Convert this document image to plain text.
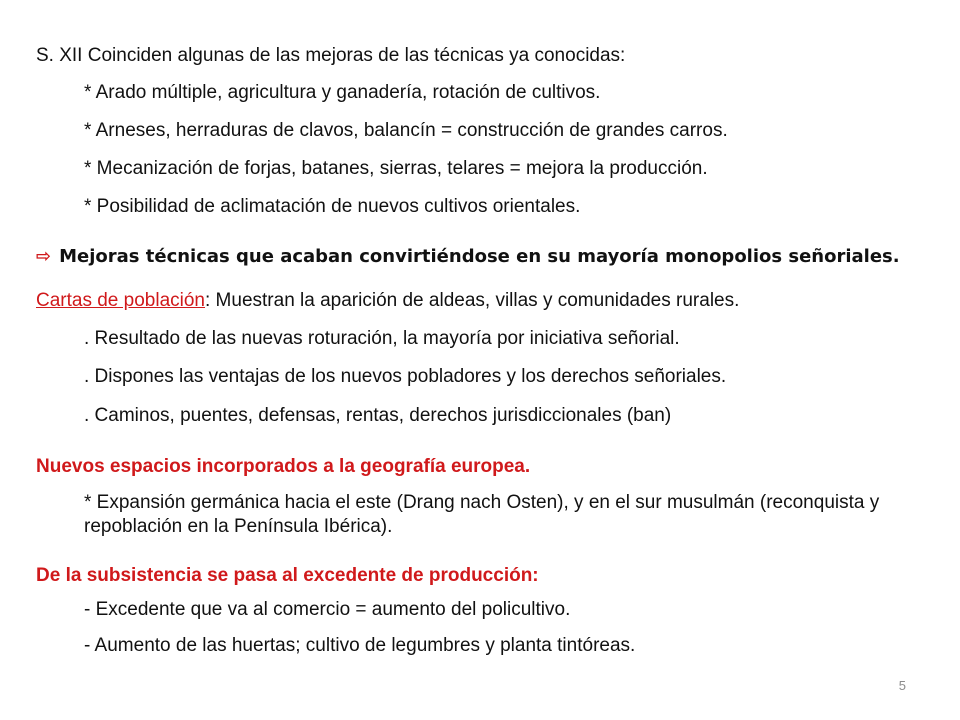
S. XII Coinciden algunas de las mejoras de las técnicas ya conocidas:
* Arado múltiple, agricultura y ganadería, rotación de cultivos.
* Arneses, herraduras de clavos, balancín = construcción de grandes carros.
* Mecanización de forjas, batanes, sierras, telares = mejora la producción.
* Posibilidad de aclimatación de nuevos cultivos orientales.
⇨ Mejoras técnicas que acaban convirtiéndose en su mayoría monopolios señoriales.
Cartas de población: Muestran la aparición de aldeas, villas y comunidades rurales.
. Resultado de las nuevas roturación, la mayoría por iniciativa señorial.
. Dispones las ventajas de los nuevos pobladores y los derechos señoriales.
. Caminos, puentes, defensas, rentas, derechos jurisdiccionales (ban)
Nuevos espacios incorporados a la geografía europea.
* Expansión germánica hacia el este (Drang nach Osten), y en el sur musulmán (reconquista y repoblación en la Península Ibérica).
De la subsistencia se pasa al excedente de producción:
- Excedente que va al comercio = aumento del policultivo.
- Aumento de las huertas; cultivo de legumbres y planta tintóreas.
5
